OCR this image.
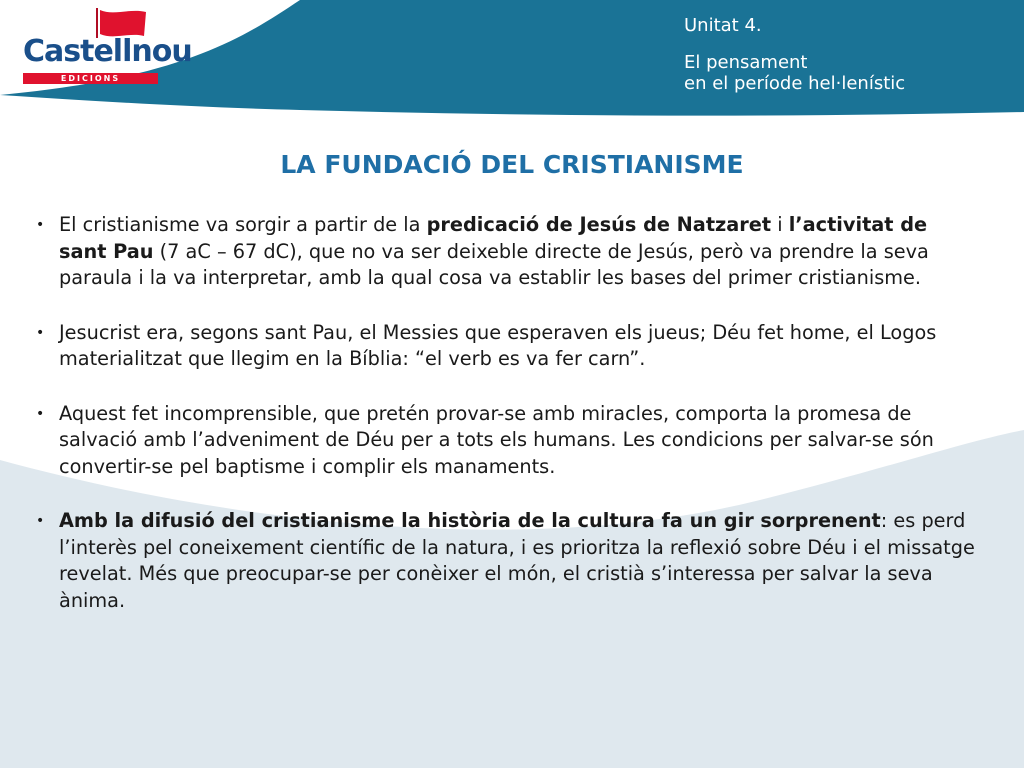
Castellnou
EDICIONS
Unitat 4.
El pensament
en el període hel·lenístic
LA FUNDACIÓ DEL CRISTIANISME
• El cristianisme va sorgir a partir de la predicació de Jesús de Natzaret i l’activitat de sant Pau (7 aC – 67 dC), que no va ser deixeble directe de Jesús, però va prendre la seva paraula i la va interpretar, amb la qual cosa va establir les bases del primer cristianisme.
• Jesucrist era, segons sant Pau, el Messies que esperaven els jueus; Déu fet home, el Logos materialitzat que llegim en la Bíblia: “el verb es va fer carn”.
• Aquest fet incomprensible, que pretén provar-se amb miracles, comporta la promesa de salvació amb l’adveniment de Déu per a tots els humans. Les condicions per salvar-se són convertir-se pel baptisme i complir els manaments.
• Amb la difusió del cristianisme la història de la cultura fa un gir sorprenent: es perd l’interès pel coneixement científic de la natura, i es prioritza la reflexió sobre Déu i el missatge revelat. Més que preocupar-se per conèixer el món, el cristià s’interessa per salvar la seva ànima.
